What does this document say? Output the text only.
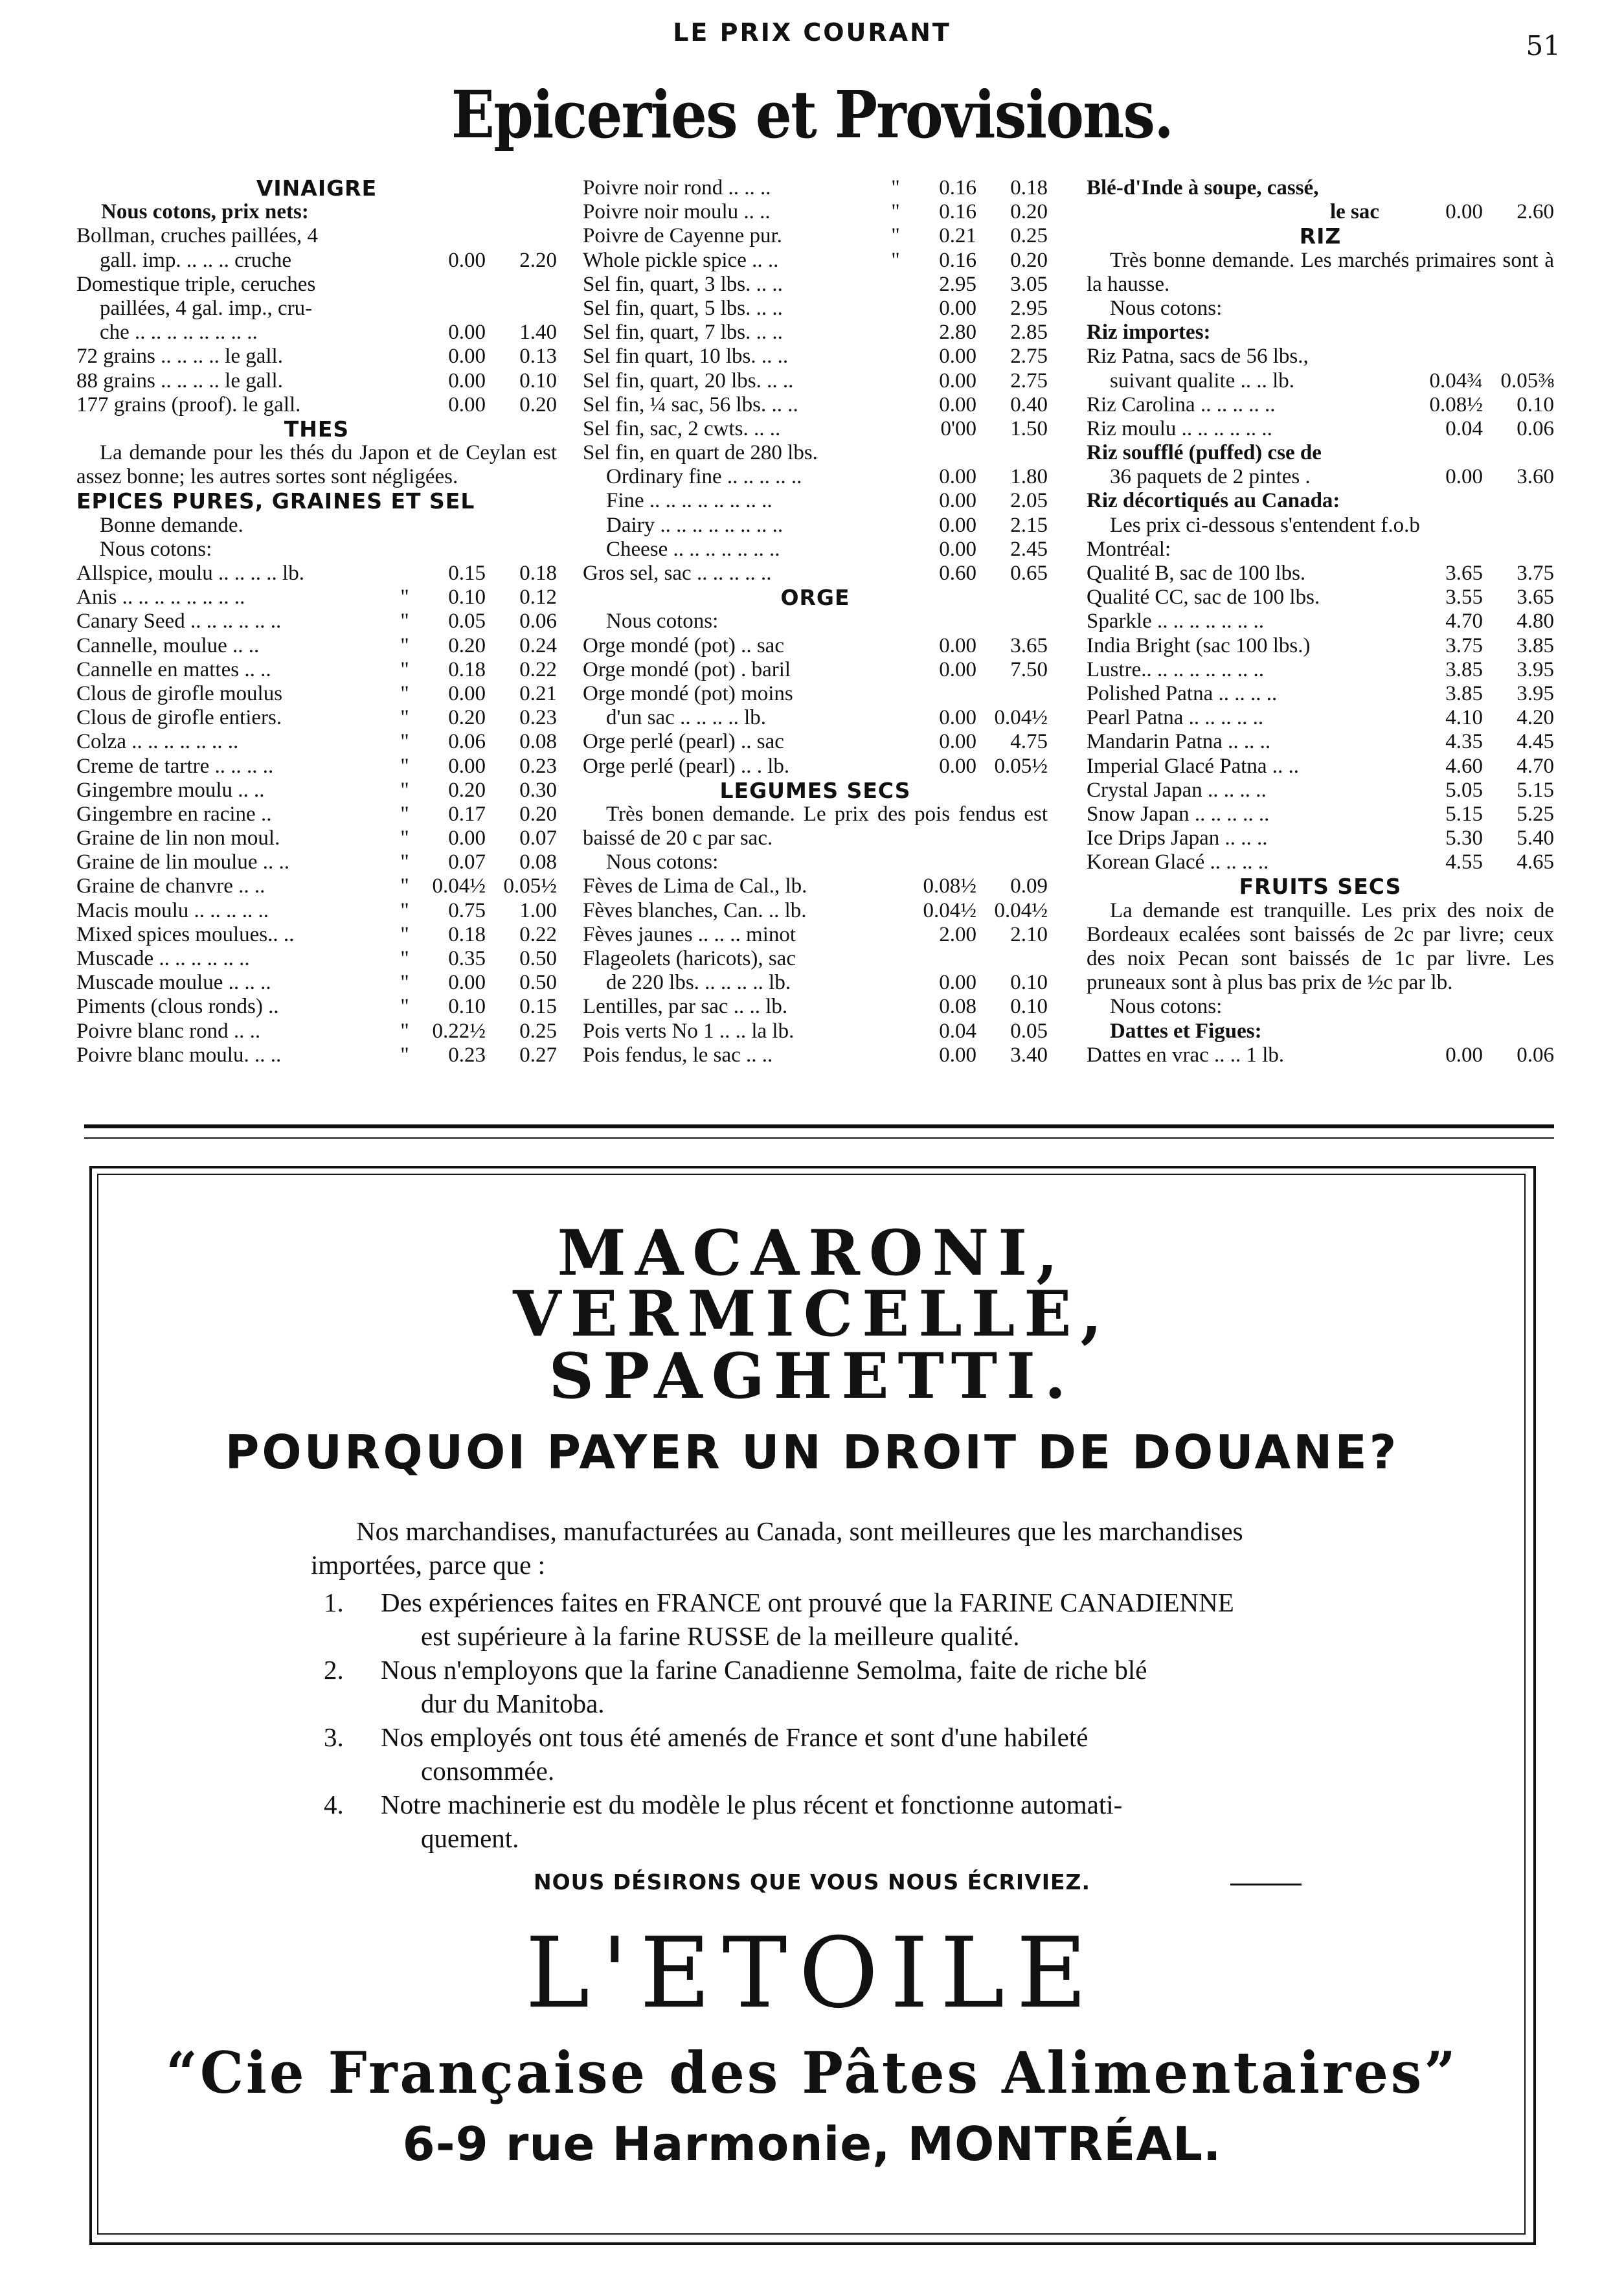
LE PRIX COURANT	51
Epiceries et Provisions.
VINAIGRE
Nous cotons, prix nets:
Bollman, cruches paillées, 4
gall. imp. .. .. .. cruche	0.00	2.20
Domestique triple, ceruches
paillées, 4 gal. imp., cru-
che .. .. .. .. .. .. .. ..	0.00	1.40
72 grains .. .. .. .. le gall.	0.00	0.13
88 grains .. .. .. .. le gall.	0.00	0.10
177 grains (proof). le gall.	0.00	0.20
THES
La demande pour les thés du Japon et de Ceylan est assez bonne; les autres sortes sont négligées.
EPICES PURES, GRAINES ET SEL
Bonne demande.
Nous cotons:
Allspice, moulu .. .. .. .. lb.	0.15	0.18
Anis .. .. .. .. .. .. .. ..	"	0.10	0.12
Canary Seed .. .. .. .. .. ..	"	0.05	0.06
Cannelle, moulue .. ..	"	0.20	0.24
Cannelle en mattes .. ..	"	0.18	0.22
Clous de girofle moulus	"	0.00	0.21
Clous de girofle entiers.	"	0.20	0.23
Colza .. .. .. .. .. .. ..	"	0.06	0.08
Creme de tartre .. .. .. ..	"	0.00	0.23
Gingembre moulu .. ..	"	0.20	0.30
Gingembre en racine ..	"	0.17	0.20
Graine de lin non moul.	"	0.00	0.07
Graine de lin moulue .. ..	"	0.07	0.08
Graine de chanvre .. ..	"	0.04½ 0.05½
Macis moulu .. .. .. .. ..	"	0.75	1.00
Mixed spices moulues.. ..	"	0.18	0.22
Muscade .. .. .. .. .. ..	"	0.35	0.50
Muscade moulue .. .. ..	"	0.00	0.50
Piments (clous ronds) ..	"	0.10	0.15
Poivre blanc rond .. ..	"	0.22½	0.25
Poivre blanc moulu. .. ..	"	0.23	0.27
Poivre noir rond .. .. ..	"	0.16	0.18
Poivre noir moulu .. ..	"	0.16	0.20
Poivre de Cayenne pur.	"	0.21	0.25
Whole pickle spice .. ..	"	0.16	0.20
Sel fin, quart, 3 lbs. .. ..	2.95	3.05
Sel fin, quart, 5 lbs. .. ..	0.00	2.95
Sel fin, quart, 7 lbs. .. ..	2.80	2.85
Sel fin quart, 10 lbs. .. ..	0.00	2.75
Sel fin, quart, 20 lbs. .. ..	0.00	2.75
Sel fin, ¼ sac, 56 lbs. .. ..	0.00	0.40
Sel fin, sac, 2 cwts. .. ..	0'00	1.50
Sel fin, en quart de 280 lbs.
Ordinary fine .. .. .. .. ..	0.00	1.80
Fine .. .. .. .. .. .. .. ..	0.00	2.05
Dairy .. .. .. .. .. .. .. ..	0.00	2.15
Cheese .. .. .. .. .. .. ..	0.00	2.45
Gros sel, sac .. .. .. .. ..	0.60	0.65
ORGE
Nous cotons:
Orge mondé (pot) .. sac	0.00	3.65
Orge mondé (pot) . baril	0.00	7.50
Orge mondé (pot) moins
d'un sac .. .. .. .. lb.	0.00 0.04½
Orge perlé (pearl) .. sac	0.00	4.75
Orge perlé (pearl) .. . lb.	0.00 0.05½
LEGUMES SECS
Très bonen demande. Le prix des pois fendus est baissé de 20 c par sac.
Nous cotons:
Fèves de Lima de Cal., lb.	0.08½	0.09
Fèves blanches, Can. .. lb.	0.04½ 0.04½
Fèves jaunes .. .. .. minot	2.00	2.10
Flageolets (haricots), sac
de 220 lbs. .. .. .. .. lb.	0.00	0.10
Lentilles, par sac .. .. lb.	0.08	0.10
Pois verts No 1 .. .. la lb.	0.04	0.05
Pois fendus, le sac .. ..	0.00	3.40
Blé-d'Inde à soupe, cassé,
le sac	0.00	2.60
RIZ
Très bonne demande. Les marchés primaires sont à la hausse.
Nous cotons:
Riz importes:
Riz Patna, sacs de 56 lbs.,
suivant qualite .. .. lb.	0.04¾ 0.05⅜
Riz Carolina .. .. .. .. ..	0.08½	0.10
Riz moulu .. .. .. .. .. ..	0.04	0.06
Riz soufflé (puffed) cse de
36 paquets de 2 pintes .	0.00	3.60
Riz décortiqués au Canada:
Les prix ci-dessous s'entendent f.o.b
Montréal:
Qualité B, sac de 100 lbs.	3.65	3.75
Qualité CC, sac de 100 lbs.	3.55	3.65
Sparkle .. .. .. .. .. .. ..	4.70	4.80
India Bright (sac 100 lbs.)	3.75	3.85
Lustre.. .. .. .. .. .. .. ..	3.85	3.95
Polished Patna .. .. .. ..	3.85	3.95
Pearl Patna .. .. .. .. ..	4.10	4.20
Mandarin Patna .. .. ..	4.35	4.45
Imperial Glacé Patna .. ..	4.60	4.70
Crystal Japan .. .. .. ..	5.05	5.15
Snow Japan .. .. .. .. ..	5.15	5.25
Ice Drips Japan .. .. ..	5.30	5.40
Korean Glacé .. .. .. ..	4.55	4.65
FRUITS SECS
La demande est tranquille. Les prix des noix de Bordeaux ecalées sont baissés de 2c par livre; ceux des noix Pecan sont baissés de 1c par livre. Les pruneaux sont à plus bas prix de ½c par lb.
Nous cotons:
Dattes et Figues:
Dattes en vrac .. .. 1 lb.	0.00	0.06
MACARONI,
VERMICELLE,
SPAGHETTI.
POURQUOI PAYER UN DROIT DE DOUANE?
Nos marchandises, manufacturées au Canada, sont meilleures que les marchandises importées, parce que :
1. Des expériences faites en FRANCE ont prouvé que la FARINE CANADIENNE
est supérieure à la farine RUSSE de la meilleure qualité.
2. Nous n'employons que la farine Canadienne Semolma, faite de riche blé
dur du Manitoba.
3. Nos employés ont tous été amenés de France et sont d'une habileté
consommée.
4. Notre machinerie est du modèle le plus récent et fonctionne automati-
quement.
NOUS DÉSIRONS QUE VOUS NOUS ÉCRIVIEZ.
L'ETOILE
“Cie Française des Pâtes Alimentaires”
6-9 rue Harmonie, MONTRÉAL.
